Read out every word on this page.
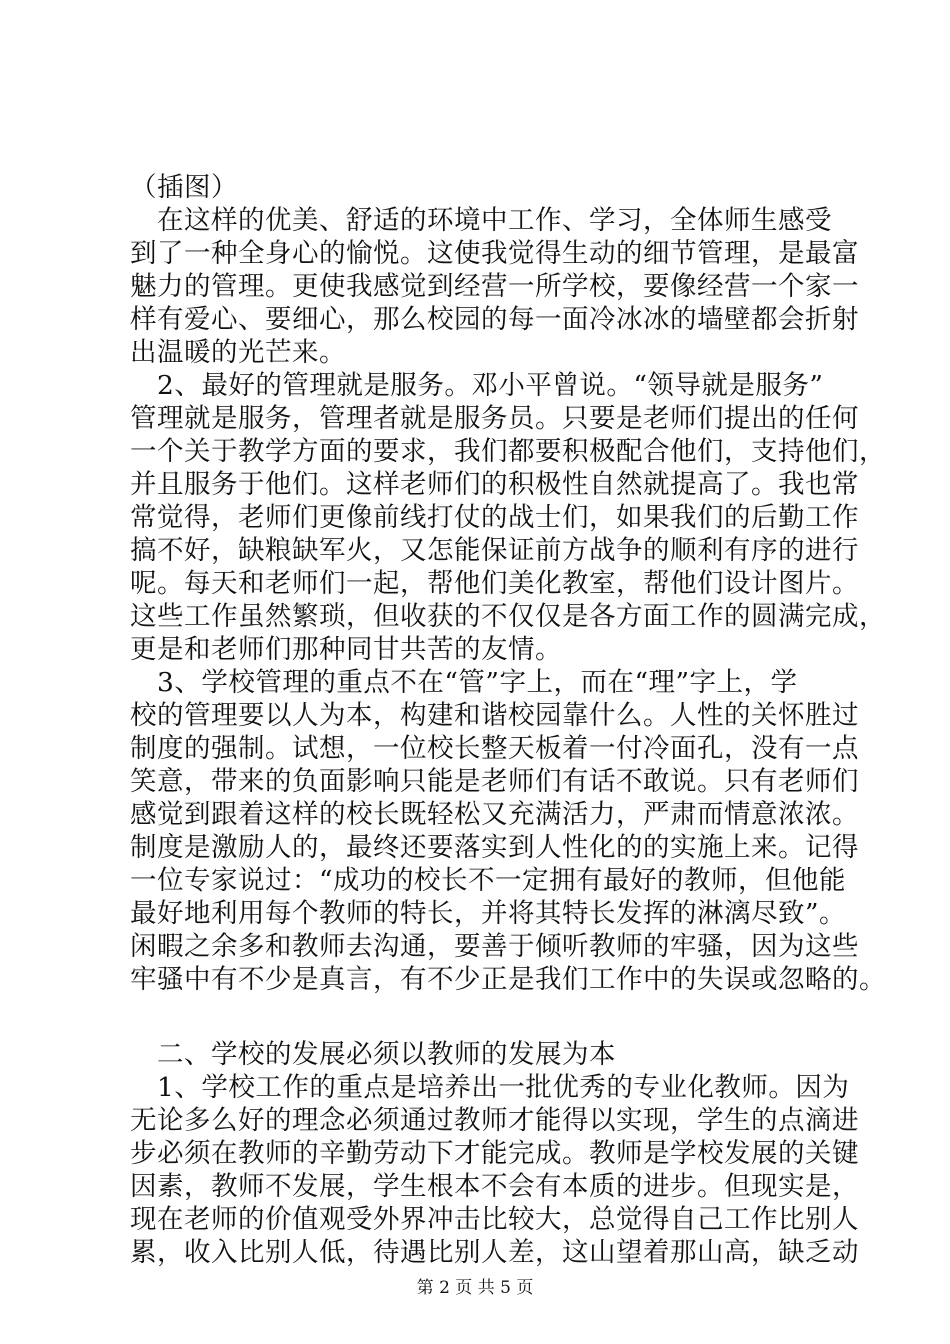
（插图）
　在这样的优美、舒适的环境中工作、学习，全体师生感受
到了一种全身心的愉悦。这使我觉得生动的细节管理，是最富
魅力的管理。更使我感觉到经营一所学校，要像经营一个家一
样有爱心、要细心，那么校园的每一面冷冰冰的墙壁都会折射
出温暖的光芒来。
　2、最好的管理就是服务。邓小平曾说。“领导就是服务”
管理就是服务，管理者就是服务员。只要是老师们提出的任何
一个关于教学方面的要求，我们都要积极配合他们，支持他们，
并且服务于他们。这样老师们的积极性自然就提高了。我也常
常觉得，老师们更像前线打仗的战士们，如果我们的后勤工作
搞不好，缺粮缺军火，又怎能保证前方战争的顺利有序的进行
呢。每天和老师们一起，帮他们美化教室，帮他们设计图片。
这些工作虽然繁琐，但收获的不仅仅是各方面工作的圆满完成，
更是和老师们那种同甘共苦的友情。
　3、学校管理的重点不在“管”字上，而在“理”字上，学
校的管理要以人为本，构建和谐校园靠什么。人性的关怀胜过
制度的强制。试想，一位校长整天板着一付冷面孔，没有一点
笑意，带来的负面影响只能是老师们有话不敢说。只有老师们
感觉到跟着这样的校长既轻松又充满活力，严肃而情意浓浓。
制度是激励人的，最终还要落实到人性化的的实施上来。记得
一位专家说过：“成功的校长不一定拥有最好的教师，但他能
最好地利用每个教师的特长，并将其特长发挥的淋漓尽致”。
闲暇之余多和教师去沟通，要善于倾听教师的牢骚，因为这些
牢骚中有不少是真言，有不少正是我们工作中的失误或忽略的。
　二、学校的发展必须以教师的发展为本
　1、学校工作的重点是培养出一批优秀的专业化教师。因为
无论多么好的理念必须通过教师才能得以实现，学生的点滴进
步必须在教师的辛勤劳动下才能完成。教师是学校发展的关键
因素，教师不发展，学生根本不会有本质的进步。但现实是，
现在老师的价值观受外界冲击比较大，总觉得自己工作比别人
累，收入比别人低，待遇比别人差，这山望着那山高，缺乏动
第 2 页 共 5 页
